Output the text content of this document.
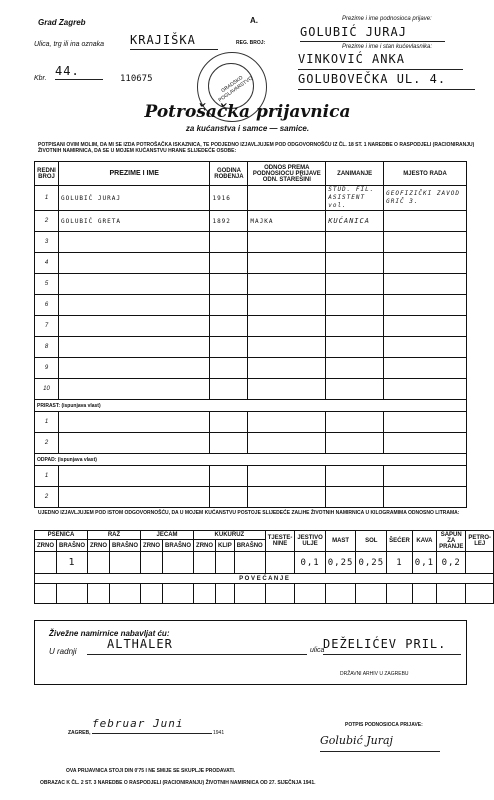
Grad Zagreb	A.	Prezime i ime podnosioca prijave:
GOLUBIĆ JURAJ
Ulica, trg ili ina oznaka KRAJIŠKA	REG. BROJ:
Prezime i ime i stan kućevlasnika:
VINKOVIĆ ANKA
GOLUBOVEČKA UL. 4.
Kbr.
44.
110675	GRADSKO POGLAVARSTVO
Potrošačka prijavnica
za kućanstva i samce — samice.
POTPISANI OVIM MOLIM, DA MI SE IZDA POTROŠAČKA ISKAZNICA, TE PODJEDNO IZJAVLJUJEM POD ODGOVORNOŠĆU IZ ČL. 18 ST. 1 NAREDBE O RASPODJELI (RACIONIRANJU) ŽIVOTNIH NAMIRNICA, DA SE U MOJEM KUĆANSTVU HRANE SLIJEDEĆE OSOBE:
REDNI BROJ	PREZIME I IME	GODINA ROĐENJA	ODNOS PREMA PODNOSIOCU PRIJAVE ODN. STAREŠINI	ZANIMANJE	MJESTO RADA
1	GOLUBIĆ JURAJ	1916		STUD. FIL. ASISTENT vol.	GEOFIZIČKI ZAVOD GRIČ 3.
2	GOLUBIĆ GRETA	1892	MAJKA	KUĆANICA	
3					
4					
5					
6					
7					
8					
9					
10					
PRIRAST: (ispunjava vlast)					
1					
2					
ODPAD: (ispunjava vlast)					
1					
2					
UJEDNO IZJAVLJUJEM POD ISTOM ODGOVORNOŠĆU, DA U MOJEM KUĆANSTVU POSTOJE SLIJEDEĆE ZALIHE ŽIVOTNIH NAMIRNICA U KILOGRAMIMA ODNOSNO LITRAMA:
PŠENICA		RAŽ		JEČAM		KUKURUZ			TJESTE-NINE	JESTIVO ULJE	MAST	SOL	ŠEĆER	KAVA	SAPUN ZA PRANJE	PETRO-LEJ
ZRNO	BRAŠNO	ZRNO	BRAŠNO	ZRNO	BRAŠNO	ZRNO	KLIP	BRAŠNO								
	1									0,1	0,25	0,25	1	0,1	0,2	
P O V E Ć A N J E																

Živežne namirnice nabavljat ću:
U radnji
ALTHALER	ulica
DEŽELIĆEV PRIL.
DRŽAVNI ARHIV U ZAGREBU
ZAGREB,
februar Juni
1941
POTPIS PODNOSIOCA PRIJAVE:
Golubić Juraj
OVA PRIJAVNICA STOJI DIN 0'75 I NE SMIJE SE SKUPLJE PRODAVATI.
OBRAZAC K ČL. 2 ST. 3 NAREDBE O RASPODJELI (RACIONIRANJU) ŽIVOTNIH NAMIRNICA OD 27. SIJEČNJA 1941.
